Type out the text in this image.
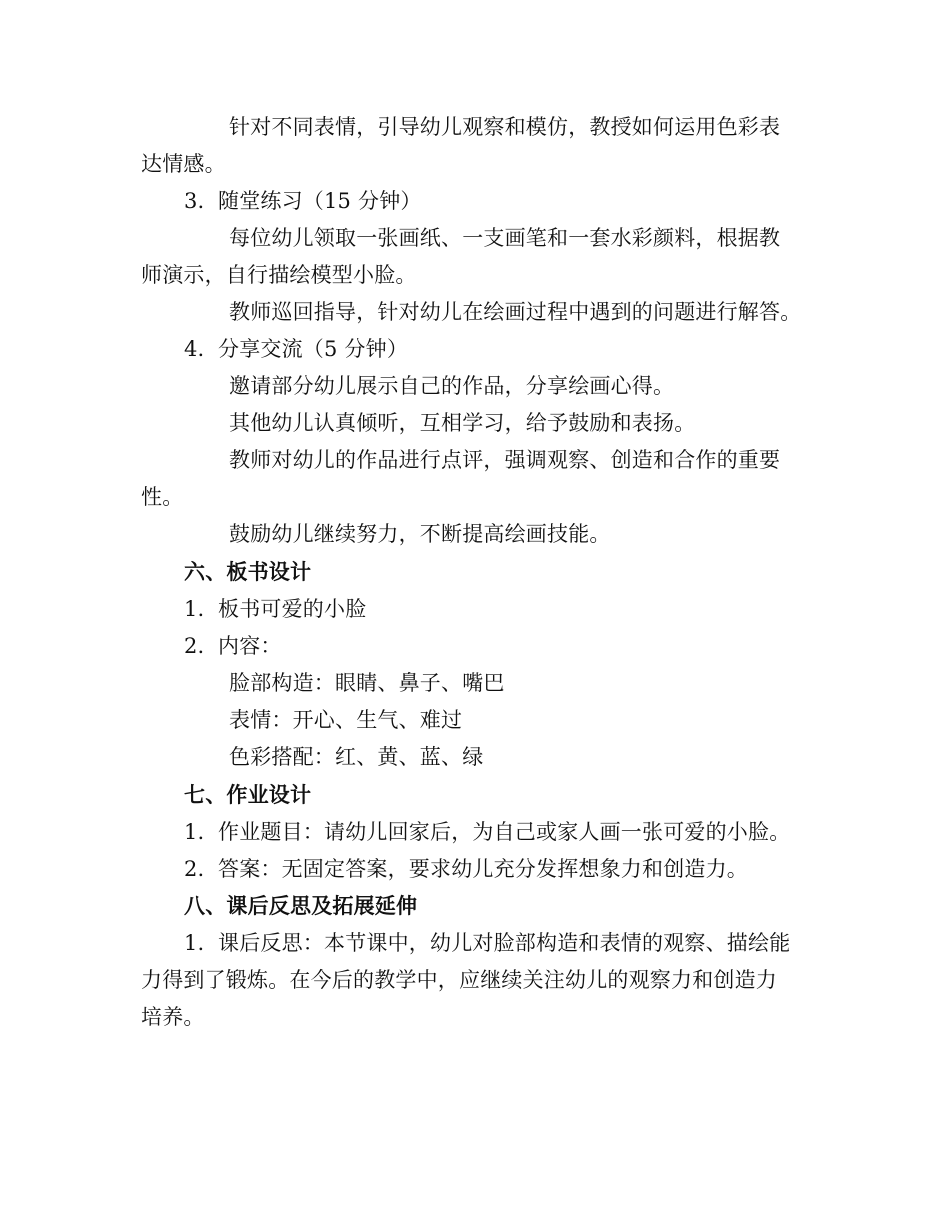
针对不同表情，引导幼儿观察和模仿，教授如何运用色彩表
达情感。
3. 随堂练习（15 分钟）
每位幼儿领取一张画纸、一支画笔和一套水彩颜料，根据教
师演示，自行描绘模型小脸。
教师巡回指导，针对幼儿在绘画过程中遇到的问题进行解答。
4. 分享交流（5 分钟）
邀请部分幼儿展示自己的作品，分享绘画心得。
其他幼儿认真倾听，互相学习，给予鼓励和表扬。
教师对幼儿的作品进行点评，强调观察、创造和合作的重要
性。
鼓励幼儿继续努力，不断提高绘画技能。
六、板书设计
1. 板书可爱的小脸
2. 内容：
脸部构造：眼睛、鼻子、嘴巴
表情：开心、生气、难过
色彩搭配：红、黄、蓝、绿
七、作业设计
1. 作业题目：请幼儿回家后，为自己或家人画一张可爱的小脸。
2. 答案：无固定答案，要求幼儿充分发挥想象力和创造力。
八、课后反思及拓展延伸
1. 课后反思：本节课中，幼儿对脸部构造和表情的观察、描绘能
力得到了锻炼。在今后的教学中，应继续关注幼儿的观察力和创造力
培养。
